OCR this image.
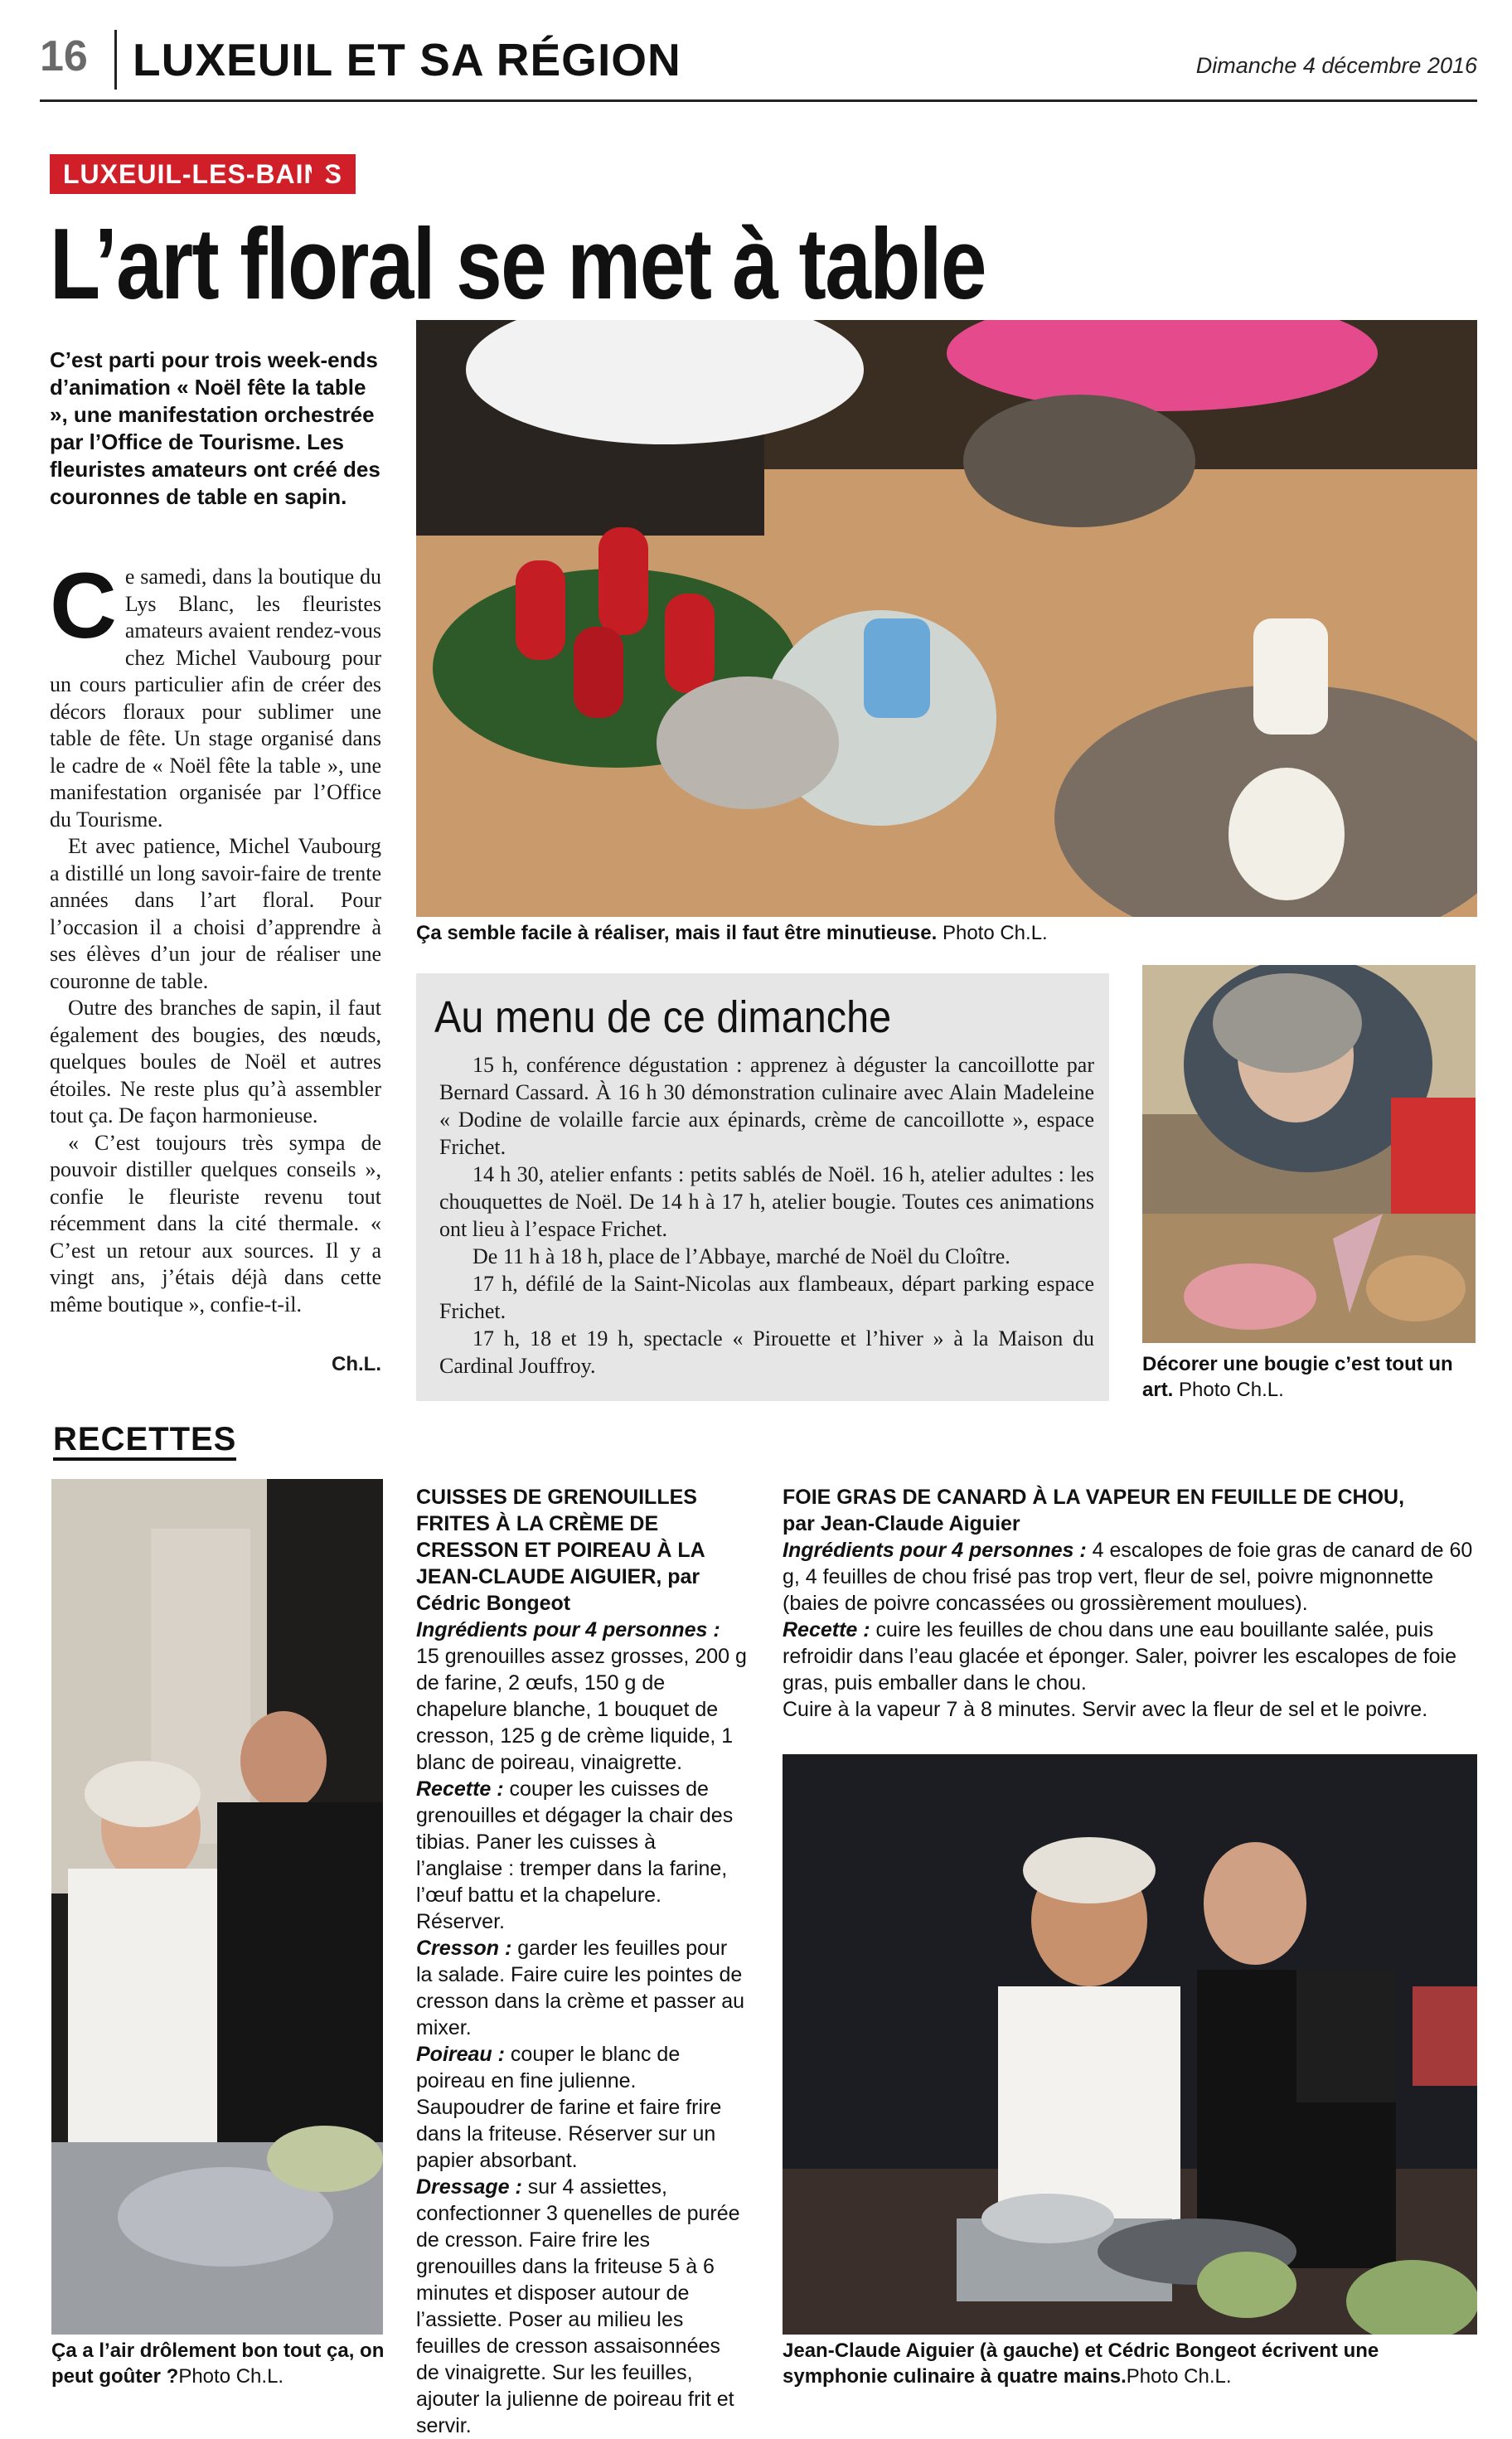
16 LUXEUIL ET SA RÉGION	Dimanche 4 décembre 2016
LUXEUIL-LES-BAINS
L’art floral se met à table
C’est parti pour trois week-ends d’animation « Noël fête la table », une manifestation orchestrée par l’Office de Tourisme. Les fleuristes amateurs ont créé des couronnes de table en sapin.

Ce samedi, dans la boutique du Lys Blanc, les fleuristes amateurs avaient rendez-vous chez Michel Vaubourg pour un cours particulier afin de créer des décors floraux pour sublimer une table de fête. Un stage organisé dans le cadre de « Noël fête la table », une manifestation organisée par l’Office du Tourisme.

Et avec patience, Michel Vaubourg a distillé un long savoir-faire de trente années dans l’art floral. Pour l’occasion il a choisi d’apprendre à ses élèves d’un jour de réaliser une couronne de table.

Outre des branches de sapin, il faut également des bougies, des nœuds, quelques boules de Noël et autres étoiles. Ne reste plus qu’à assembler tout ça. De façon harmonieuse.

« C’est toujours très sympa de pouvoir distiller quelques conseils », confie le fleuriste revenu tout récemment dans la cité thermale. « C’est un retour aux sources. Il y a vingt ans, j’étais déjà dans cette même boutique », confie-t-il.

Ch.L.
Ça semble facile à réaliser, mais il faut être minutieuse. Photo Ch.L.
Au menu de ce dimanche

15 h, conférence dégustation : apprenez à déguster la cancoillotte par Bernard Cassard. À 16 h 30 démonstration culinaire avec Alain Madeleine « Dodine de volaille farcie aux épinards, crème de cancoillotte », espace Frichet.

14 h 30, atelier enfants : petits sablés de Noël. 16 h, atelier adultes : les chouquettes de Noël. De 14 h à 17 h, atelier bougie. Toutes ces animations ont lieu à l’espace Frichet.

De 11 h à 18 h, place de l’Abbaye, marché de Noël du Cloître.

17 h, défilé de la Saint-Nicolas aux flambeaux, départ parking espace Frichet.

17 h, 18 et 19 h, spectacle « Pirouette et l’hiver » à la Maison du Cardinal Jouffroy.	Décorer une bougie c’est tout un art. Photo Ch.L.
RECETTES
Ça a l’air drôlement bon tout ça, on peut goûter ?Photo Ch.L.

CUISSES DE GRENOUILLES FRITES À LA CRÈME DE CRESSON ET POIREAU À LA JEAN-CLAUDE AIGUIER, par Cédric Bongeot

Ingrédients pour 4 personnes : 15 grenouilles assez grosses, 200 g de farine, 2 œufs, 150 g de chapelure blanche, 1 bouquet de cresson, 125 g de crème liquide, 1 blanc de poireau, vinaigrette.

Recette : couper les cuisses de grenouilles et dégager la chair des tibias. Paner les cuisses à l’anglaise : tremper dans la farine, l’œuf battu et la chapelure. Réserver.

Cresson : garder les feuilles pour la salade. Faire cuire les pointes de cresson dans la crème et passer au mixer.

Poireau : couper le blanc de poireau en fine julienne. Saupoudrer de farine et faire frire dans la friteuse. Réserver sur un papier absorbant.

Dressage : sur 4 assiettes, confectionner 3 quenelles de purée de cresson. Faire frire les grenouilles dans la friteuse 5 à 6 minutes et disposer autour de l’assiette. Poser au milieu les feuilles de cresson assaisonnées de vinaigrette. Sur les feuilles, ajouter la julienne de poireau frit et servir.

FOIE GRAS DE CANARD À LA VAPEUR EN FEUILLE DE CHOU,

par Jean-Claude Aiguier

Ingrédients pour 4 personnes : 4 escalopes de foie gras de canard de 60 g, 4 feuilles de chou frisé pas trop vert, fleur de sel, poivre mignonnette (baies de poivre concassées ou grossièrement moulues).

Recette : cuire les feuilles de chou dans une eau bouillante salée, puis refroidir dans l’eau glacée et éponger. Saler, poivrer les escalopes de foie gras, puis emballer dans le chou.

Cuire à la vapeur 7 à 8 minutes. Servir avec la fleur de sel et le poivre.

Jean-Claude Aiguier (à gauche) et Cédric Bongeot écrivent une symphonie culinaire à quatre mains.Photo Ch.L.
